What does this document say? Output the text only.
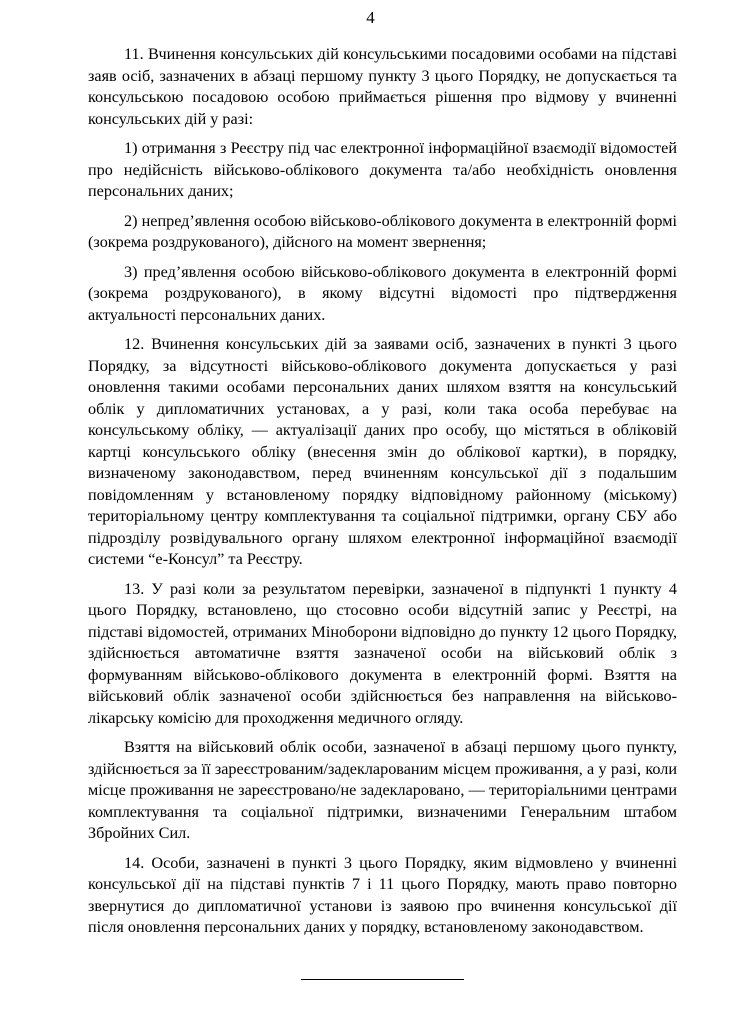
4

11. Вчинення консульських дій консульськими посадовими особами на підставі заяв осіб, зазначених в абзаці першому пункту 3 цього Порядку, не допускається та консульською посадовою особою приймається рішення про відмову у вчиненні консульських дій у разі:

1) отримання з Реєстру під час електронної інформаційної взаємодії відомостей про недійсність військово-облікового документа та/або необхідність оновлення персональних даних;

2) непред’явлення особою військово-облікового документа в електронній формі (зокрема роздрукованого), дійсного на момент звернення;

3) пред’явлення особою військово-облікового документа в електронній формі (зокрема роздрукованого), в якому відсутні відомості про підтвердження актуальності персональних даних.

12. Вчинення консульських дій за заявами осіб, зазначених в пункті 3 цього Порядку, за відсутності військово-облікового документа допускається у разі оновлення такими особами персональних даних шляхом взяття на консульський облік у дипломатичних установах, а у разі, коли така особа перебуває на консульському обліку, — актуалізації даних про особу, що містяться в обліковій картці консульського обліку (внесення змін до облікової картки), в порядку, визначеному законодавством, перед вчиненням консульської дії з подальшим повідомленням у встановленому порядку відповідному районному (міському) територіальному центру комплектування та соціальної підтримки, органу СБУ або підрозділу розвідувального органу шляхом електронної інформаційної взаємодії системи “е-Консул” та Реєстру.

13. У разі коли за результатом перевірки, зазначеної в підпункті 1 пункту 4 цього Порядку, встановлено, що стосовно особи відсутній запис у Реєстрі, на підставі відомостей, отриманих Міноборони відповідно до пункту 12 цього Порядку, здійснюється автоматичне взяття зазначеної особи на військовий облік з формуванням військово-облікового документа в електронній формі. Взяття на військовий облік зазначеної особи здійснюється без направлення на військово-лікарську комісію для проходження медичного огляду.

Взяття на військовий облік особи, зазначеної в абзаці першому цього пункту, здійснюється за її зареєстрованим/задекларованим місцем проживання, а у разі, коли місце проживання не зареєстровано/не задекларовано, — територіальними центрами комплектування та соціальної підтримки, визначеними Генеральним штабом Збройних Сил.

14. Особи, зазначені в пункті 3 цього Порядку, яким відмовлено у вчиненні консульської дії на підставі пунктів 7 і 11 цього Порядку, мають право повторно звернутися до дипломатичної установи із заявою про вчинення консульської дії після оновлення персональних даних у порядку, встановленому законодавством.
